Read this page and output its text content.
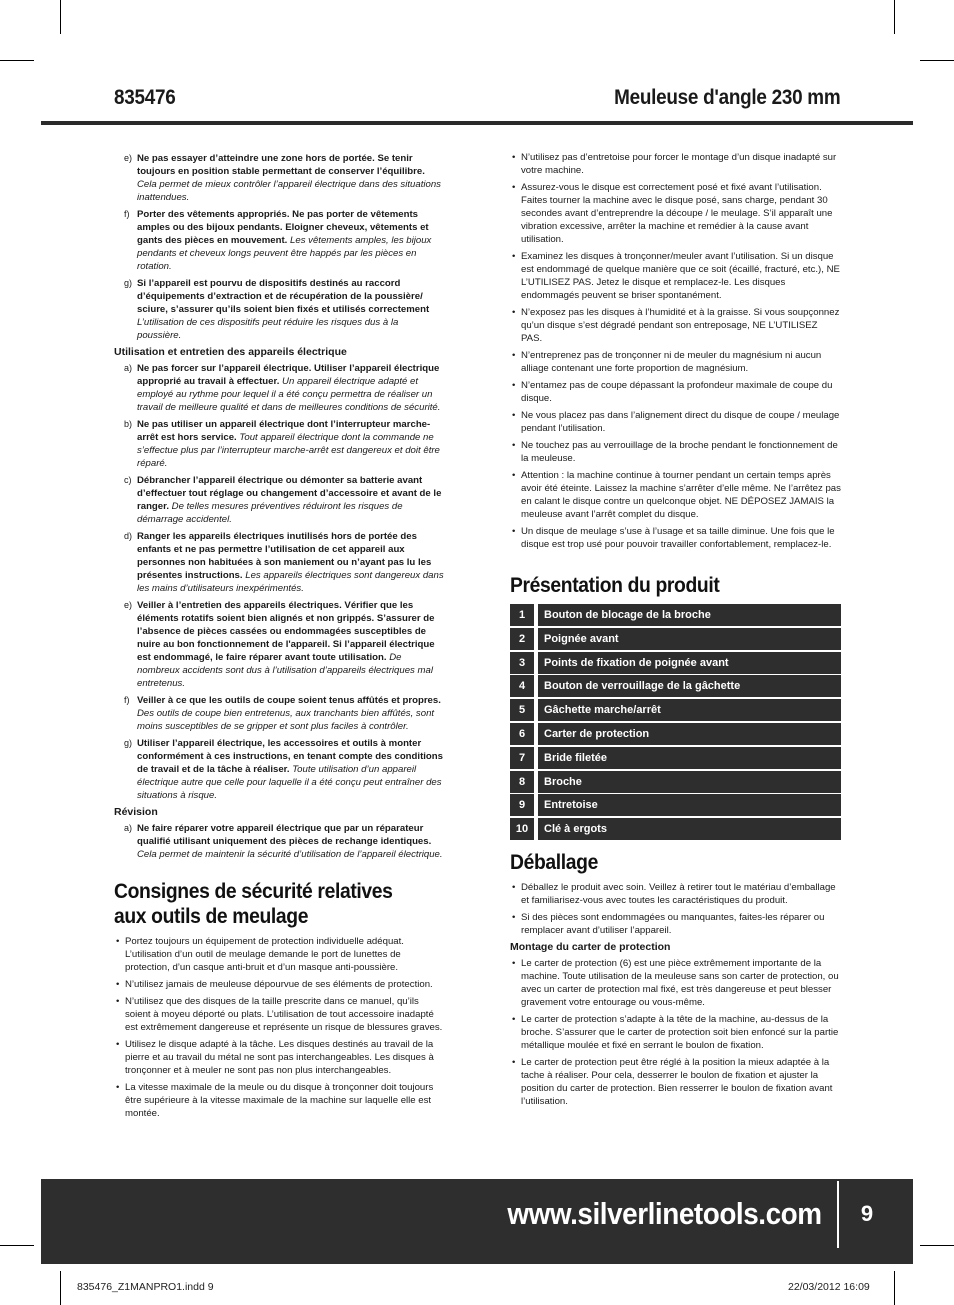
835476	Meuleuse d'angle 230 mm
e) Ne pas essayer d’atteindre une zone hors de portée. Se tenir toujours en position stable permettant de conserver l’équilibre. Cela permet de mieux contrôler l’appareil électrique dans des situations inattendues.
f) Porter des vêtements appropriés. Ne pas porter de vêtements amples ou des bijoux pendants. Eloigner cheveux, vêtements et gants des pièces en mouvement. Les vêtements amples, les bijoux pendants et cheveux longs peuvent être happés par les pièces en rotation.
g) Si l’appareil est pourvu de dispositifs destinés au raccord d’équipements d’extraction et de récupération de la poussière/ sciure, s’assurer qu’ils soient bien fixés et utilisés correctement L’utilisation de ces dispositifs peut réduire les risques dus à la poussière.
Utilisation et entretien des appareils électrique
a) Ne pas forcer sur l’appareil électrique. Utiliser l’appareil électrique approprié au travail à effectuer. Un appareil électrique adapté et employé au rythme pour lequel il a été conçu permettra de réaliser un travail de meilleure qualité et dans de meilleures conditions de sécurité.
b) Ne pas utiliser un appareil électrique dont l’interrupteur marche-arrêt est hors service. Tout appareil électrique dont la commande ne s’effectue plus par l’interrupteur marche-arrêt est dangereux et doit être réparé.
c) Débrancher l’appareil électrique ou démonter sa batterie avant d’effectuer tout réglage ou changement d’accessoire et avant de le ranger. De telles mesures préventives réduiront les risques de démarrage accidentel.
d) Ranger les appareils électriques inutilisés hors de portée des enfants et ne pas permettre l’utilisation de cet appareil aux personnes non habituées à son maniement ou n’ayant pas lu les présentes instructions. Les appareils électriques sont dangereux dans les mains d’utilisateurs inexpérimentés.
e) Veiller à l’entretien des appareils électriques. Vérifier que les éléments rotatifs soient bien alignés et non grippés. S’assurer de l’absence de pièces cassées ou endommagées susceptibles de nuire au bon fonctionnement de l'appareil. Si l’appareil électrique est endommagé, le faire réparer avant toute utilisation. De nombreux accidents sont dus à l’utilisation d’appareils électriques mal entretenus.
f) Veiller à ce que les outils de coupe soient tenus affûtés et propres. Des outils de coupe bien entretenus, aux tranchants bien affûtés, sont moins susceptibles de se gripper et sont plus faciles à contrôler.
g) Utiliser l’appareil électrique, les accessoires et outils à monter conformément à ces instructions, en tenant compte des conditions de travail et de la tâche à réaliser. Toute utilisation d’un appareil électrique autre que celle pour laquelle il a été conçu peut entraîner des situations à risque.
Révision
a) Ne faire réparer votre appareil électrique que par un réparateur qualifié utilisant uniquement des pièces de rechange identiques. Cela permet de maintenir la sécurité d’utilisation de l’appareil électrique.
Consignes de sécurité relatives aux outils de meulage
• Portez toujours un équipement de protection individuelle adéquat. L’utilisation d’un outil de meulage demande le port de lunettes de protection, d’un casque anti-bruit et d’un masque anti-poussière.
• N’utilisez jamais de meuleuse dépourvue de ses éléments de protection.
• N’utilisez que des disques de la taille prescrite dans ce manuel, qu’ils soient à moyeu déporté ou plats. L’utilisation de tout accessoire inadapté est extrêmement dangereuse et représente un risque de blessures graves.
• Utilisez le disque adapté à la tâche. Les disques destinés au travail de la pierre et au travail du métal ne sont pas interchangeables. Les disques à tronçonner et à meuler ne sont pas non plus interchangeables.
• La vitesse maximale de la meule ou du disque à tronçonner doit toujours être supérieure à la vitesse maximale de la machine sur laquelle elle est montée.
• N’utilisez pas d’entretoise pour forcer le montage d’un disque inadapté sur votre machine.
• Assurez-vous le disque est correctement posé et fixé avant l’utilisation. Faites tourner la machine avec le disque posé, sans charge, pendant 30 secondes avant d’entreprendre la découpe / le meulage. S’il apparaît une vibration excessive, arrêter la machine et remédier à la cause avant utilisation.
• Examinez les disques à tronçonner/meuler avant l’utilisation. Si un disque est endommagé de quelque manière que ce soit (écaillé, fracturé, etc.), NE L’UTILISEZ PAS. Jetez le disque et remplacez-le. Les disques endommagés peuvent se briser spontanément.
• N’exposez pas les disques à l’humidité et à la graisse. Si vous soupçonnez qu’un disque s’est dégradé pendant son entreposage, NE L’UTILISEZ PAS.
• N’entreprenez pas de tronçonner ni de meuler du magnésium ni aucun alliage contenant une forte proportion de magnésium.
• N’entamez pas de coupe dépassant la profondeur maximale de coupe du disque.
• Ne vous placez pas dans l’alignement direct du disque de coupe / meulage pendant l’utilisation.
• Ne touchez pas au verrouillage de la broche pendant le fonctionnement de la meuleuse.
• Attention : la machine continue à tourner pendant un certain temps après avoir été éteinte. Laissez la machine s’arrêter d’elle même. Ne l’arrêtez pas en calant le disque contre un quelconque objet. NE DÉPOSEZ JAMAIS la meuleuse avant l’arrêt complet du disque.
• Un disque de meulage s’use à l’usage et sa taille diminue. Une fois que le disque est trop usé pour pouvoir travailler confortablement, remplacez-le.
Présentation du produit
1	Bouton de blocage de la broche
2	Poignée avant
3	Points de fixation de poignée avant
4	Bouton de verrouillage de la gâchette
5	Gâchette marche/arrêt
6	Carter de protection
7	Bride filetée
8	Broche
9	Entretoise
10	Clé à ergots
Déballage
• Déballez le produit avec soin. Veillez à retirer tout le matériau d’emballage et familiarisez-vous avec toutes les caractéristiques du produit.
• Si des pièces sont endommagées ou manquantes, faites-les réparer ou remplacer avant d’utiliser l’appareil.
Montage du carter de protection
• Le carter de protection (6) est une pièce extrêmement importante de la machine. Toute utilisation de la meuleuse sans son carter de protection, ou avec un carter de protection mal fixé, est très dangereuse et peut blesser gravement votre entourage ou vous-même.
• Le carter de protection s’adapte à la tête de la machine, au-dessus de la broche. S’assurer que le carter de protection soit bien enfoncé sur la partie métallique moulée et fixé en serrant le boulon de fixation.
• Le carter de protection peut être réglé à la position la mieux adaptée à la tache à réaliser. Pour cela, desserrer le boulon de fixation et ajuster la position du carter de protection. Bien resserrer le boulon de fixation avant l’utilisation.
www.silverlinetools.com	9
835476_Z1MANPRO1.indd 9	22/03/2012 16:09
